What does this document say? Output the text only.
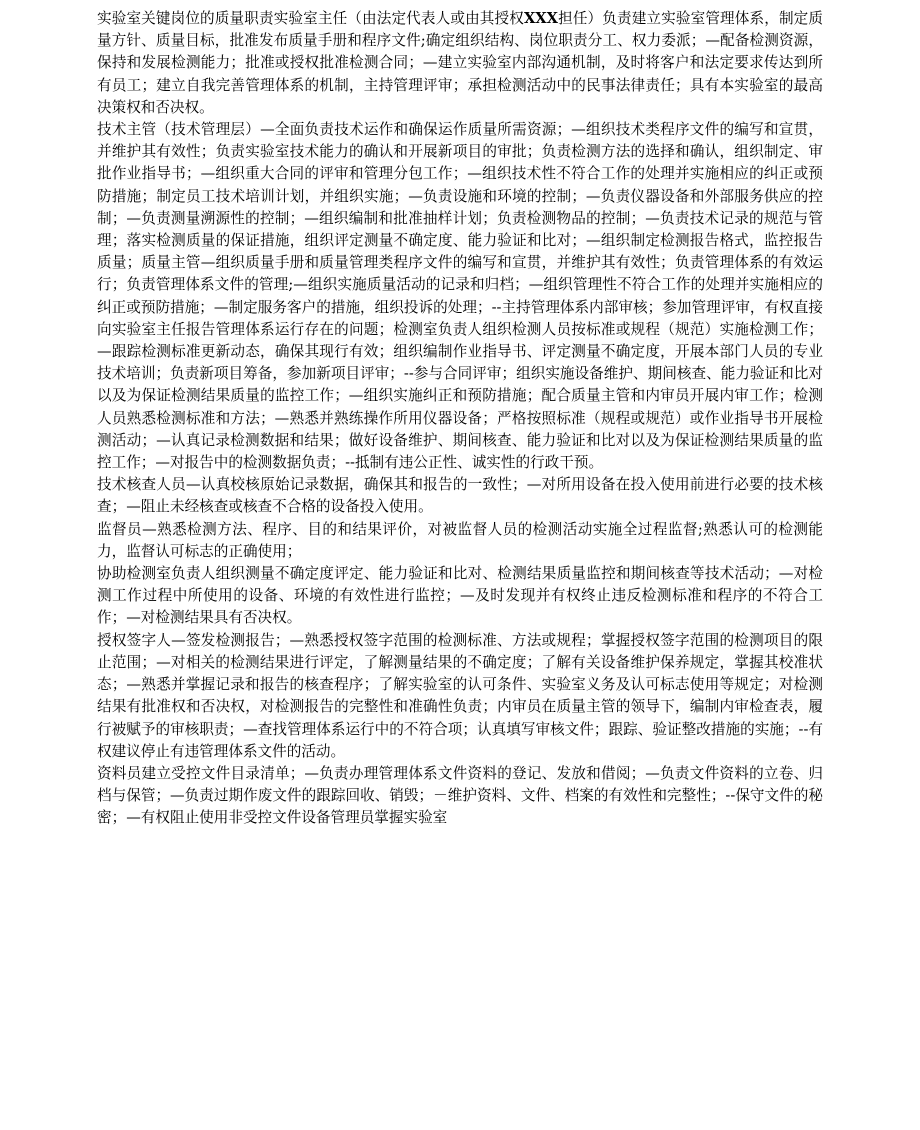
实验室关键岗位的质量职责实验室主任（由法定代表人或由其授权XXX担任）负责建立实验室管理体系，制定质量方针、质量目标，批准发布质量手册和程序文件;确定组织结构、岗位职责分工、权力委派；—配备检测资源，保持和发展检测能力；批准或授权批准检测合同；—建立实验室内部沟通机制，及时将客户和法定要求传达到所有员工；建立自我完善管理体系的机制，主持管理评审；承担检测活动中的民事法律责任；具有本实验室的最高决策权和否决权。

技术主管（技术管理层）—全面负责技术运作和确保运作质量所需资源；—组织技术类程序文件的编写和宣贯，并维护其有效性；负责实验室技术能力的确认和开展新项目的审批；负责检测方法的选择和确认，组织制定、审批作业指导书；—组织重大合同的评审和管理分包工作；—组织技术性不符合工作的处理并实施相应的纠正或预防措施；制定员工技术培训计划，并组织实施；—负责设施和环境的控制；—负责仪器设备和外部服务供应的控制；—负责测量溯源性的控制；—组织编制和批准抽样计划；负责检测物品的控制；—负责技术记录的规范与管理；落实检测质量的保证措施，组织评定测量不确定度、能力验证和比对；—组织制定检测报告格式，监控报告质量；质量主管—组织质量手册和质量管理类程序文件的编写和宣贯，并维护其有效性；负责管理体系的有效运行；负责管理体系文件的管理;—组织实施质量活动的记录和归档；—组织管理性不符合工作的处理并实施相应的纠正或预防措施；—制定服务客户的措施，组织投诉的处理；--主持管理体系内部审核；参加管理评审，有权直接向实验室主任报告管理体系运行存在的问题；检测室负责人组织检测人员按标准或规程（规范）实施检测工作；—跟踪检测标准更新动态，确保其现行有效；组织编制作业指导书、评定测量不确定度，开展本部门人员的专业技术培训；负责新项目筹备，参加新项目评审；--参与合同评审；组织实施设备维护、期间核查、能力验证和比对以及为保证检测结果质量的监控工作；—组织实施纠正和预防措施；配合质量主管和内审员开展内审工作；检测人员熟悉检测标准和方法；—熟悉并熟练操作所用仪器设备；严格按照标准（规程或规范）或作业指导书开展检测活动；—认真记录检测数据和结果；做好设备维护、期间核查、能力验证和比对以及为保证检测结果质量的监控工作；—对报告中的检测数据负责；--抵制有违公正性、诚实性的行政干预。

技术核查人员—认真校核原始记录数据，确保其和报告的一致性；—对所用设备在投入使用前进行必要的技术核查；—阻止未经核查或核查不合格的设备投入使用。

监督员—熟悉检测方法、程序、目的和结果评价，对被监督人员的检测活动实施全过程监督;熟悉认可的检测能力，监督认可标志的正确使用；

协助检测室负责人组织测量不确定度评定、能力验证和比对、检测结果质量监控和期间核查等技术活动；—对检测工作过程中所使用的设备、环境的有效性进行监控；—及时发现并有权终止违反检测标准和程序的不符合工作；—对检测结果具有否决权。

授权签字人—签发检测报告；—熟悉授权签字范围的检测标准、方法或规程；掌握授权签字范围的检测项目的限止范围；—对相关的检测结果进行评定，了解测量结果的不确定度；了解有关设备维护保养规定，掌握其校准状态；—熟悉并掌握记录和报告的核查程序；了解实验室的认可条件、实验室义务及认可标志使用等规定；对检测结果有批准权和否决权，对检测报告的完整性和准确性负责；内审员在质量主管的领导下，编制内审检查表，履行被赋予的审核职责；—查找管理体系运行中的不符合项；认真填写审核文件；跟踪、验证整改措施的实施；--有权建议停止有违管理体系文件的活动。

资料员建立受控文件目录清单；—负责办理管理体系文件资料的登记、发放和借阅；—负责文件资料的立卷、归档与保管；—负责过期作废文件的跟踪回收、销毁；－维护资料、文件、档案的有效性和完整性；--保守文件的秘密；—有权阻止使用非受控文件设备管理员掌握实验室
